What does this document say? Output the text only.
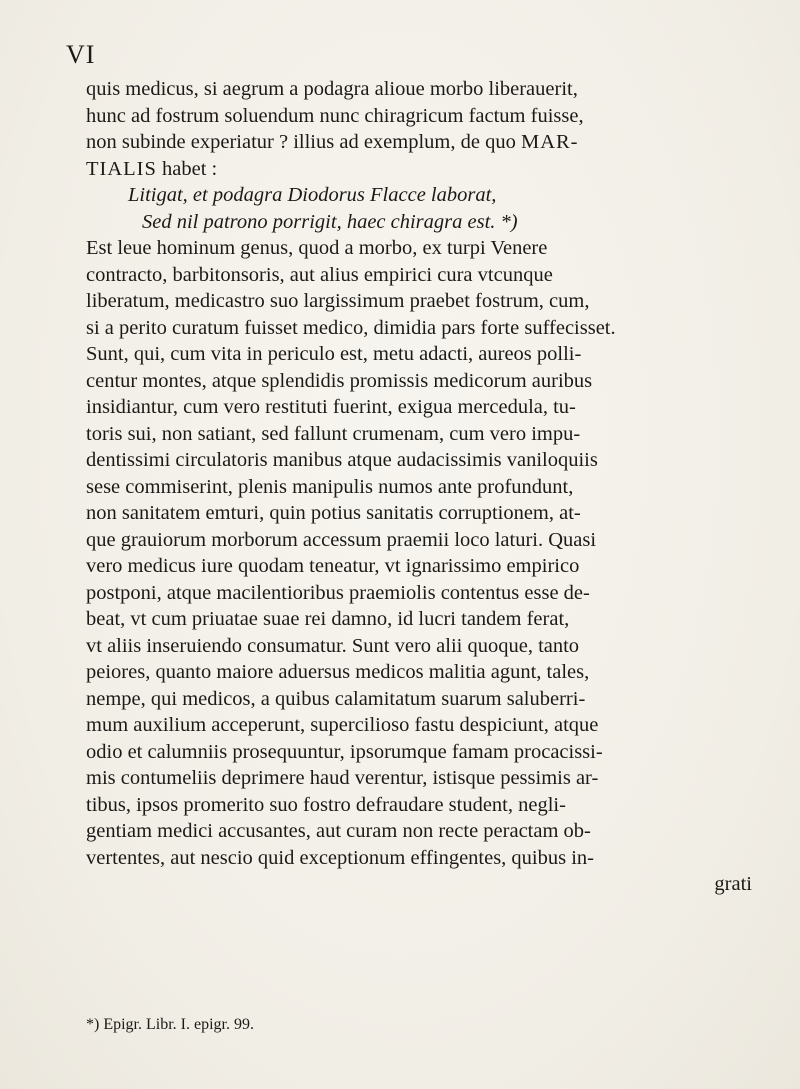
VI
quis medicus, si aegrum a podagra alioue morbo liberauerit,
hunc ad fostrum soluendum nunc chiragricum factum fuisse,
non subinde experiatur ? illius ad exemplum, de quo MAR-
TIALIS habet :
Litigat, et podagra Diodorus Flacce laborat,
Sed nil patrono porrigit, haec chiragra est. *)
Est leue hominum genus, quod a morbo, ex turpi Venere
contracto, barbitonsoris, aut alius empirici cura vtcunque
liberatum, medicastro suo largissimum praebet fostrum, cum,
si a perito curatum fuisset medico, dimidia pars forte suffecisset.
Sunt, qui, cum vita in periculo est, metu adacti, aureos polli-
centur montes, atque splendidis promissis medicorum auribus
insidiantur, cum vero restituti fuerint, exigua mercedula, tu-
toris sui, non satiant, sed fallunt crumenam, cum vero impu-
dentissimi circulatoris manibus atque audacissimis vaniloquiis
sese commiserint, plenis manipulis numos ante profundunt,
non sanitatem emturi, quin potius sanitatis corruptionem, at-
que grauiorum morborum accessum praemii loco laturi. Quasi
vero medicus iure quodam teneatur, vt ignarissimo empirico
postponi, atque macilentioribus praemiolis contentus esse de-
beat, vt cum priuatae suae rei damno, id lucri tandem ferat,
vt aliis inseruiendo consumatur. Sunt vero alii quoque, tanto
peiores, quanto maiore aduersus medicos malitia agunt, tales,
nempe, qui medicos, a quibus calamitatum suarum saluberri-
mum auxilium acceperunt, superciliosо fastu despiciunt, atque
odio et calumniis prosequuntur, ipsorumque famam procacissi-
mis contumeliis deprimere haud verentur, istisque pessimis ar-
tibus, ipsos promerito suo fostro defraudare student, negli-
gentiam medici accusantes, aut curam non recte peractam ob-
vertentes, aut nescio quid exceptionum effingentes, quibus in-
grati
*) Epigr. Libr. I. epigr. 99.
